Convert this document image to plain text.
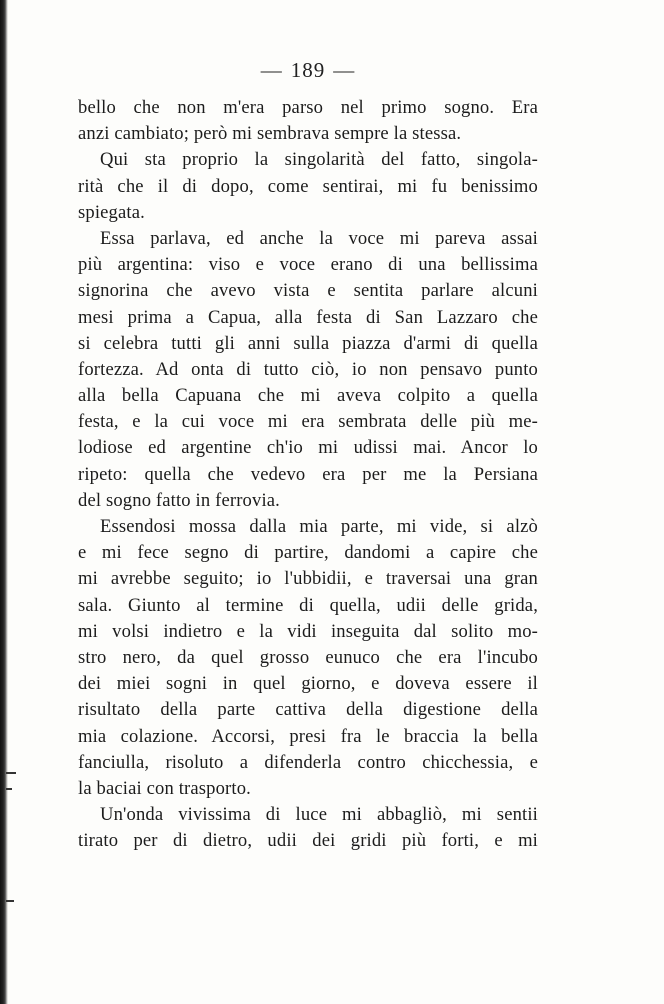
— 189 —
bello che non m'era parso nel primo sogno. Era
anzi cambiato; però mi sembrava sempre la stessa.
Qui sta proprio la singolarità del fatto, singola-
rità che il di dopo, come sentirai, mi fu benissimo
spiegata.
Essa parlava, ed anche la voce mi pareva assai
più argentina: viso e voce erano di una bellissima
signorina che avevo vista e sentita parlare alcuni
mesi prima a Capua, alla festa di San Lazzaro che
si celebra tutti gli anni sulla piazza d'armi di quella
fortezza. Ad onta di tutto ciò, io non pensavo punto
alla bella Capuana che mi aveva colpito a quella
festa, e la cui voce mi era sembrata delle più me-
lodiose ed argentine ch'io mi udissi mai. Ancor lo
ripeto: quella che vedevo era per me la Persiana
del sogno fatto in ferrovia.
Essendosi mossa dalla mia parte, mi vide, si alzò
e mi fece segno di partire, dandomi a capire che
mi avrebbe seguito; io l'ubbidii, e traversai una gran
sala. Giunto al termine di quella, udii delle grida,
mi volsi indietro e la vidi inseguita dal solito mo-
stro nero, da quel grosso eunuco che era l'incubo
dei miei sogni in quel giorno, e doveva essere il
risultato della parte cattiva della digestione della
mia colazione. Accorsi, presi fra le braccia la bella
fanciulla, risoluto a difenderla contro chicchessia, e
la baciai con trasporto.
Un'onda vivissima di luce mi abbagliò, mi sentii
tirato per di dietro, udii dei gridi più forti, e mi
